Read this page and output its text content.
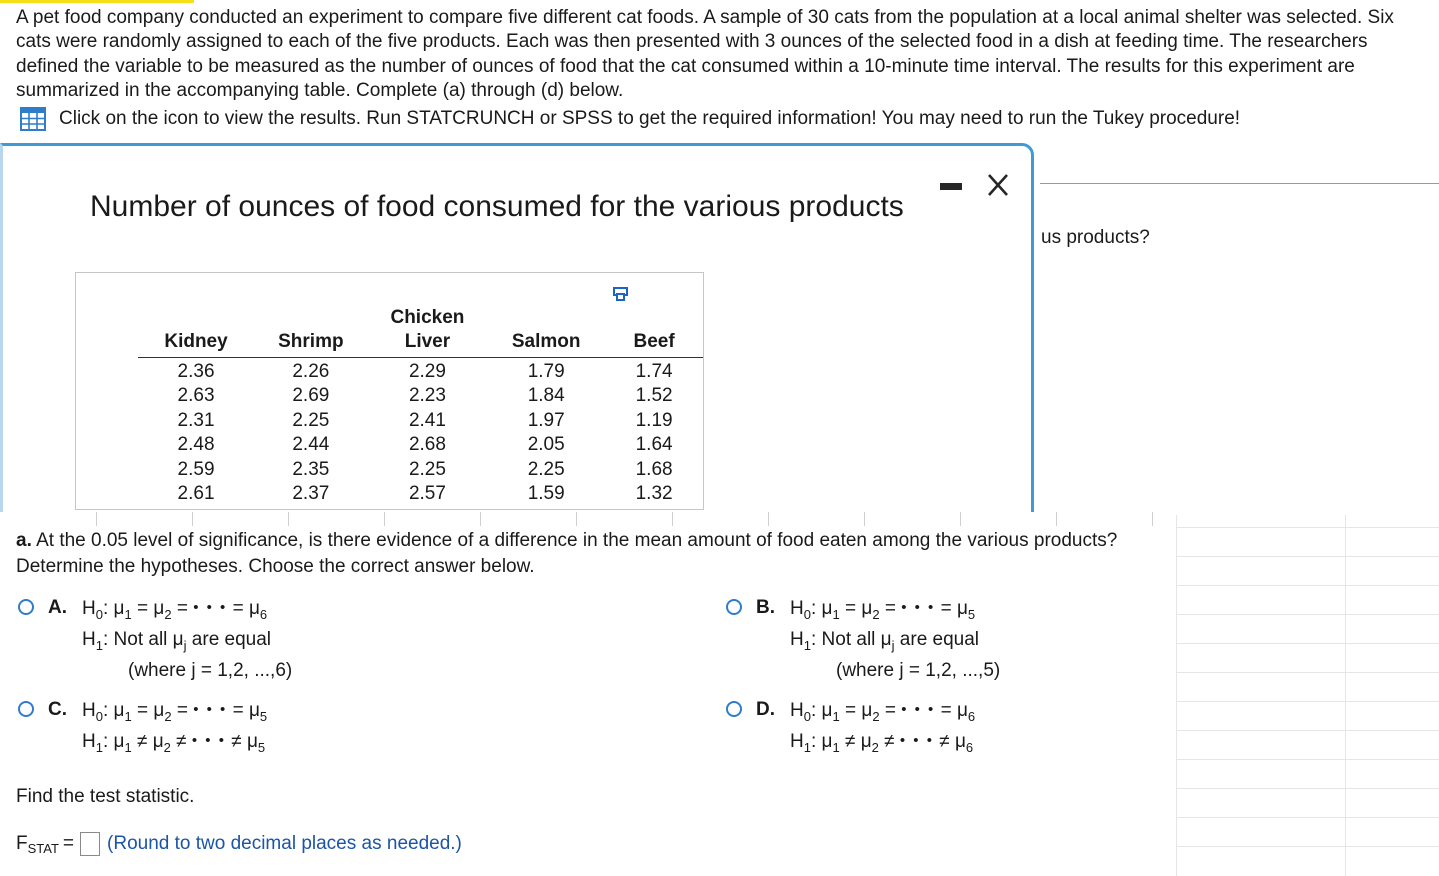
A pet food company conducted an experiment to compare five different cat foods. A sample of 30 cats from the population at a local animal shelter was selected. Six cats were randomly assigned to each of the five products. Each was then presented with 3 ounces of the selected food in a dish at feeding time. The researchers defined the variable to be measured as the number of ounces of food that the cat consumed within a 10-minute time interval. The results for this experiment are summarized in the accompanying table. Complete (a) through (d) below.
Click on the icon to view the results. Run STATCRUNCH or SPSS to get the required information! You may need to run the Tukey procedure!
us products?
Number of ounces of food consumed for the various products
Kidney	Shrimp	Chicken Liver	Salmon	Beef
2.36	2.26	2.29	1.79	1.74
2.63	2.69	2.23	1.84	1.52
2.31	2.25	2.41	1.97	1.19
2.48	2.44	2.68	2.05	1.64
2.59	2.35	2.25	2.25	1.68
2.61	2.37	2.57	1.59	1.32
a. At the 0.05 level of significance, is there evidence of a difference in the mean amount of food eaten among the various products?
Determine the hypotheses. Choose the correct answer below.
A. $H_0$: $\mu_1 = \mu_2$ = • • • = $\mu_6$
$H_1$: Not all $\mu_j$ are equal
(where j = 1,2, ...,6)
B. $H_0$: $\mu_1 = \mu_2$ = • • • = $\mu_5$
$H_1$: Not all $\mu_j$ are equal
(where j = 1,2, ...,5)
C. $H_0$: $\mu_1 = \mu_2$ = • • • = $\mu_5$
$H_1$: $\mu_1 \ne \mu_2$ ≠ • • • ≠ $\mu_5$
D. $H_0$: $\mu_1 = \mu_2$ = • • • = $\mu_6$
$H_1$: $\mu_1 \ne \mu_2$ ≠ • • • ≠ $\mu_6$
Find the test statistic.
$F_{STAT}$ = (Round to two decimal places as needed.)
